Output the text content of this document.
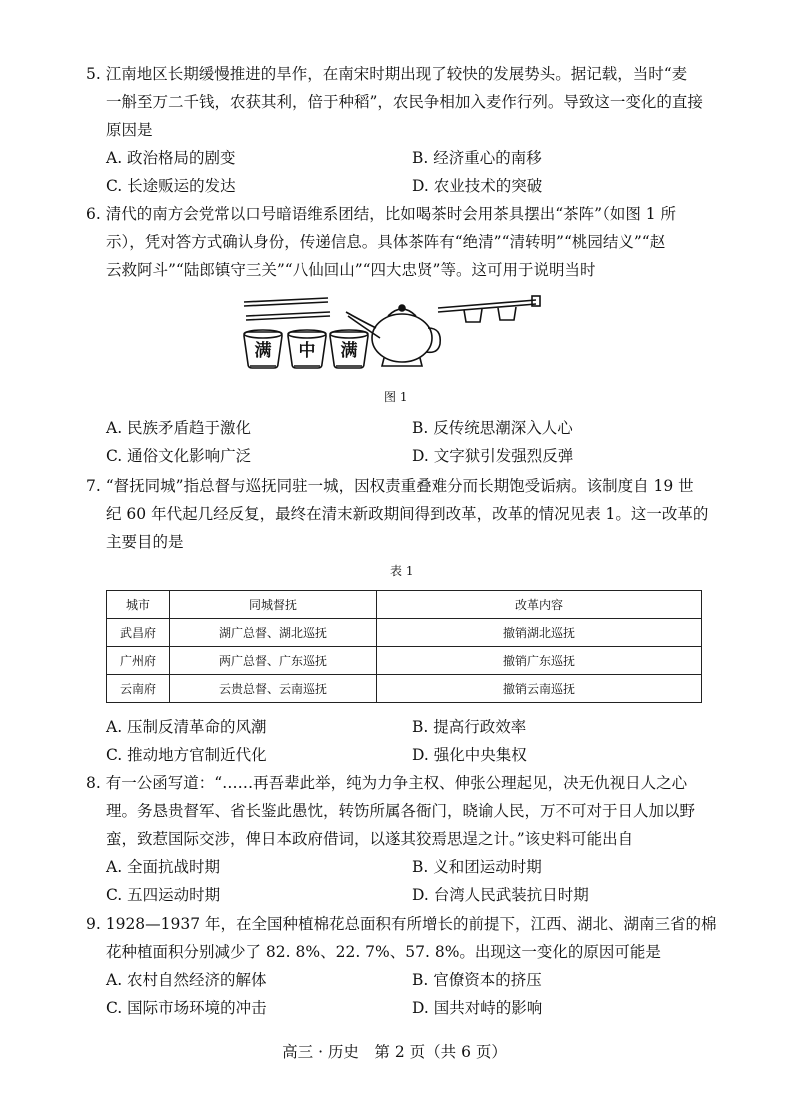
5. 江南地区长期缓慢推进的旱作，在南宋时期出现了较快的发展势头。据记载，当时“麦
一斛至万二千钱，农获其利，倍于种稻”，农民争相加入麦作行列。导致这一变化的直接
原因是
A. 政治格局的剧变	B. 经济重心的南移
C. 长途贩运的发达	D. 农业技术的突破
6. 清代的南方会党常以口号暗语维系团结，比如喝茶时会用茶具摆出“茶阵”（如图 1 所
示），凭对答方式确认身份，传递信息。具体茶阵有“绝清”“清转明”“桃园结义”“赵
云救阿斗”“陆郎镇守三关”“八仙回山”“四大忠贤”等。这可用于说明当时
满 中 满
图 1
A. 民族矛盾趋于激化	B. 反传统思潮深入人心
C. 通俗文化影响广泛	D. 文字狱引发强烈反弹
7. “督抚同城”指总督与巡抚同驻一城，因权责重叠难分而长期饱受诟病。该制度自 19 世
纪 60 年代起几经反复，最终在清末新政期间得到改革，改革的情况见表 1。这一改革的
主要目的是
表 1
城市	同城督抚	改革内容
武昌府	湖广总督、湖北巡抚	撤销湖北巡抚
广州府	两广总督、广东巡抚	撤销广东巡抚
云南府	云贵总督、云南巡抚	撤销云南巡抚
A. 压制反清革命的风潮	B. 提高行政效率
C. 推动地方官制近代化	D. 强化中央集权
8. 有一公函写道：“……再吾辈此举，纯为力争主权、伸张公理起见，决无仇视日人之心
理。务恳贵督军、省长鉴此愚忱，转饬所属各衙门，晓谕人民，万不可对于日人加以野
蛮，致惹国际交涉，俾日本政府借词，以遂其狡焉思逞之计。”该史料可能出自
A. 全面抗战时期	B. 义和团运动时期
C. 五四运动时期	D. 台湾人民武装抗日时期
9. 1928—1937 年，在全国种植棉花总面积有所增长的前提下，江西、湖北、湖南三省的棉
花种植面积分别减少了 82. 8%、22. 7%、57. 8%。出现这一变化的原因可能是
A. 农村自然经济的解体	B. 官僚资本的挤压
C. 国际市场环境的冲击	D. 国共对峙的影响
高三 · 历史　第 2 页（共 6 页）
